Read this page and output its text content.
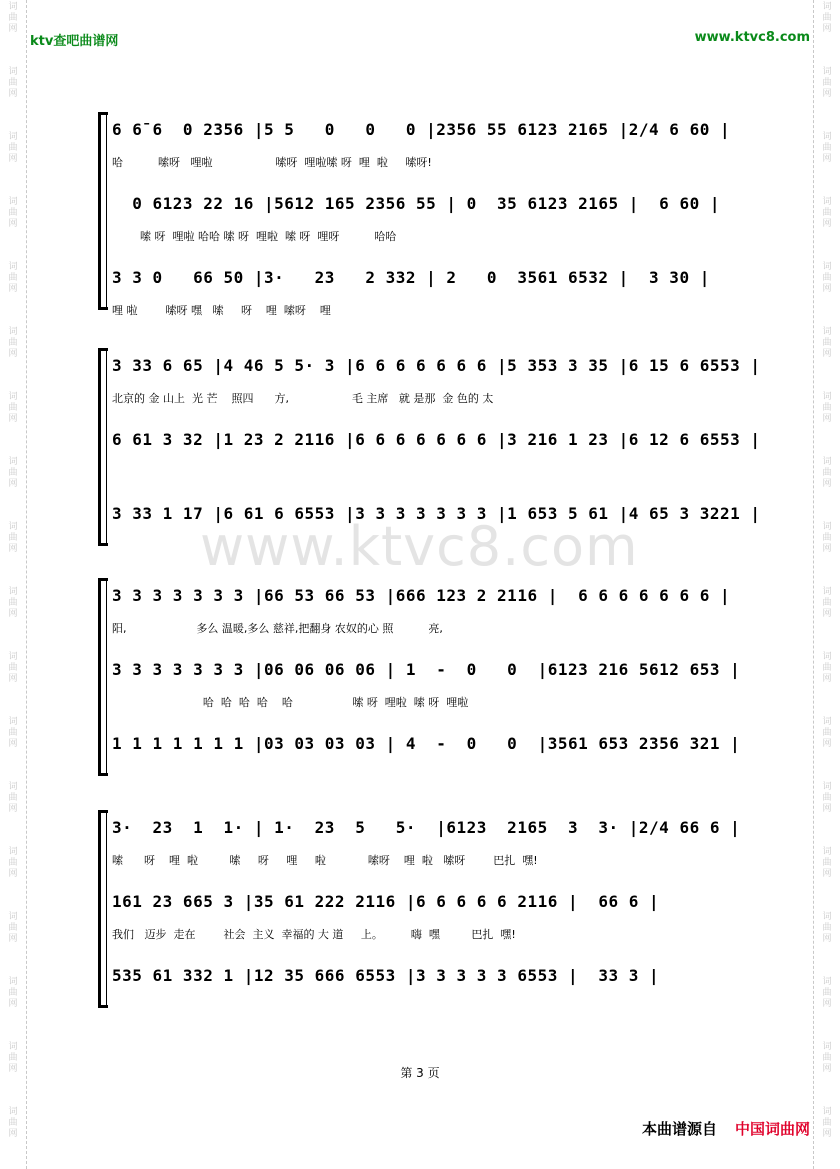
词
曲
网
词
曲
网
词
曲
网
词
曲
网
词
曲
网
词
曲
网
词
曲
网
词
曲
网
词
曲
网
词
曲
网
词
曲
网
词
曲
网
词
曲
网
词
曲
网
词
曲
网
词
曲
网
词
曲
网
词
曲
网
词
曲
网
词
曲
网
词
曲
网
词
曲
网
词
曲
网
词
曲
网
词
曲
网
词
曲
网
词
曲
网
词
曲
网
词
曲
网
词
曲
网
词
曲
网
词
曲
网
词
曲
网
词
曲
网
词
曲
网
词
曲
网
ktv查吧曲谱网	www.ktvc8.com
www.ktvc8.com
6 6̄ 6  0 2356 |5 5   0   0   0 |2356 55 6123 2165 |2/4 6 60 |
哈          嗦呀   哩啦                  嗦呀  哩啦嗦 呀  哩  啦     嗦呀!
0 6123 22 16 |5612 165 2356 55 | 0  35 6123 2165 |  6 60 |
嗦 呀  哩啦 哈哈 嗦 呀  哩啦  嗦 呀  哩呀          哈哈
3 3 0   66 50 |3·   23   2 332 | 2   0  3561 6532 |  3 30 |
哩 啦        嗦呀 嘿   嗦     呀    哩  嗦呀    哩
3 33 6 65 |4 46 5 5· 3 |6 6 6 6 6 6 6 |5 353 3 35 |6 15 6 6553 |
北京的 金 山上  光 芒    照四      方,                  毛 主席   就 是那  金 色的 太
6 61 3 32 |1 23 2 2116 |6 6 6 6 6 6 6 |3 216 1 23 |6 12 6 6553 |
3 33 1 17 |6 61 6 6553 |3 3 3 3 3 3 3 |1 653 5 61 |4 65 3 3221 |
3 3 3 3 3 3 3 |66 53 66 53 |666 123 2 2116 |  6 6 6 6 6 6 6 |
阳,                    多么 温暖,多么 慈祥,把翻身 农奴的心 照          亮,
3 3 3 3 3 3 3 |06 06 06 06 | 1  -  0   0  |6123 216 5612 653 |
哈  哈  哈  哈    哈                 嗦 呀  哩啦  嗦 呀  哩啦
1 1 1 1 1 1 1 |03 03 03 03 | 4  -  0   0  |3561 653 2356 321 |
3·  23  1  1· | 1·  23  5   5·  |6123  2165  3  3· |2/4 66 6 |
嗦      呀    哩  啦         嗦     呀     哩     啦            嗦呀    哩  啦   嗦呀        巴扎  嘿!
161 23 665 3 |35 61 222 2116 |6 6 6 6 6 2116 |  66 6 |
我们   迈步  走在        社会  主义  幸福的 大 道     上。        嗨  嘿         巴扎  嘿!
535 61 332 1 |12 35 666 6553 |3 3 3 3 3 6553 |  33 3 |
第 3 页
本曲谱源自 中国词曲网
